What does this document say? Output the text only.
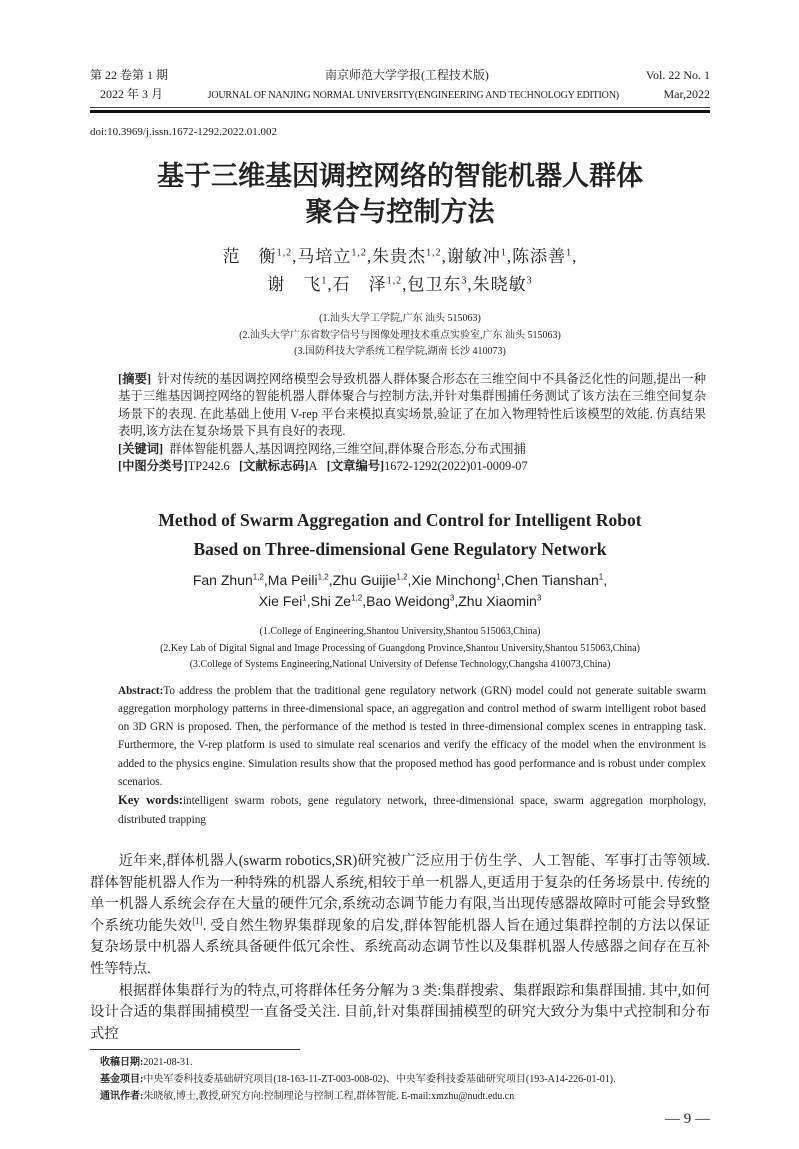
第 22 卷第 1 期	南京师范大学学报(工程技术版)	Vol. 22 No. 1
2022 年 3 月	JOURNAL OF NANJING NORMAL UNIVERSITY(ENGINEERING AND TECHNOLOGY EDITION)	Mar,2022
doi:10.3969/j.issn.1672-1292.2022.01.002
基于三维基因调控网络的智能机器人群体
聚合与控制方法
范　衡$^{1,2}$,马培立$^{1,2}$,朱贵杰$^{1,2}$,谢敏冲$^1$,陈添善$^1$,
谢　飞$^1$,石　泽$^{1,2}$,包卫东$^3$,朱晓敏$^3$
(1.汕头大学工学院,广东 汕头 515063)
(2.汕头大学广东省数字信号与图像处理技术重点实验室,广东 汕头 515063)
(3.国防科技大学系统工程学院,湖南 长沙 410073)
[摘要] 针对传统的基因调控网络模型会导致机器人群体聚合形态在三维空间中不具备泛化性的问题,提出一种基于三维基因调控网络的智能机器人群体聚合与控制方法,并针对集群围捕任务测试了该方法在三维空间复杂场景下的表现. 在此基础上使用 V-rep 平台来模拟真实场景,验证了在加入物理特性后该模型的效能. 仿真结果表明,该方法在复杂场景下具有良好的表现.
[关键词] 群体智能机器人,基因调控网络,三维空间,群体聚合形态,分布式围捕
[中图分类号]TP242.6 [文献标志码]A [文章编号]1672-1292(2022)01-0009-07
Method of Swarm Aggregation and Control for Intelligent Robot
Based on Three-dimensional Gene Regulatory Network
Fan Zhun$^{1,2}$,Ma Peili$^{1,2}$,Zhu Guijie$^{1,2}$,Xie Minchong$^1$,Chen Tianshan$^1$,
Xie Fei$^1$,Shi Ze$^{1,2}$,Bao Weidong$^3$,Zhu Xiaomin$^3$
(1.College of Engineering,Shantou University,Shantou 515063,China)
(2.Key Lab of Digital Signal and Image Processing of Guangdong Province,Shantou University,Shantou 515063,China)
(3.College of Systems Engineering,National University of Defense Technology,Changsha 410073,China)
Abstract:To address the problem that the traditional gene regulatory network (GRN) model could not generate suitable swarm aggregation morphology patterns in three-dimensional space, an aggregation and control method of swarm intelligent robot based on 3D GRN is proposed. Then, the performance of the method is tested in three-dimensional complex scenes in entrapping task. Furthermore, the V-rep platform is used to simulate real scenarios and verify the efficacy of the model when the environment is added to the physics engine. Simulation results show that the proposed method has good performance and is robust under complex scenarios.
Key words:intelligent swarm robots, gene regulatory network, three-dimensional space, swarm aggregation morphology, distributed trapping

近年来,群体机器人(swarm robotics,SR)研究被广泛应用于仿生学、人工智能、军事打击等领域. 群体智能机器人作为一种特殊的机器人系统,相较于单一机器人,更适用于复杂的任务场景中. 传统的单一机器人系统会存在大量的硬件冗余,系统动态调节能力有限,当出现传感器故障时可能会导致整个系统功能失效[1]. 受自然生物界集群现象的启发,群体智能机器人旨在通过集群控制的方法以保证复杂场景中机器人系统具备硬件低冗余性、系统高动态调节性以及集群机器人传感器之间存在互补性等特点.

根据群体集群行为的特点,可将群体任务分解为 3 类:集群搜索、集群跟踪和集群围捕. 其中,如何设计合适的集群围捕模型一直备受关注. 目前,针对集群围捕模型的研究大致分为集中式控制和分布式控

收稿日期:2021-08-31.
基金项目:中央军委科技委基础研究项目(18-163-11-ZT-003-008-02)、中央军委科技委基础研究项目(193-A14-226-01-01).
通讯作者:朱晓敏,博士,教授,研究方向:控制理论与控制工程,群体智能. E-mail:xmzhu@nudt.edu.cn
— 9 —
